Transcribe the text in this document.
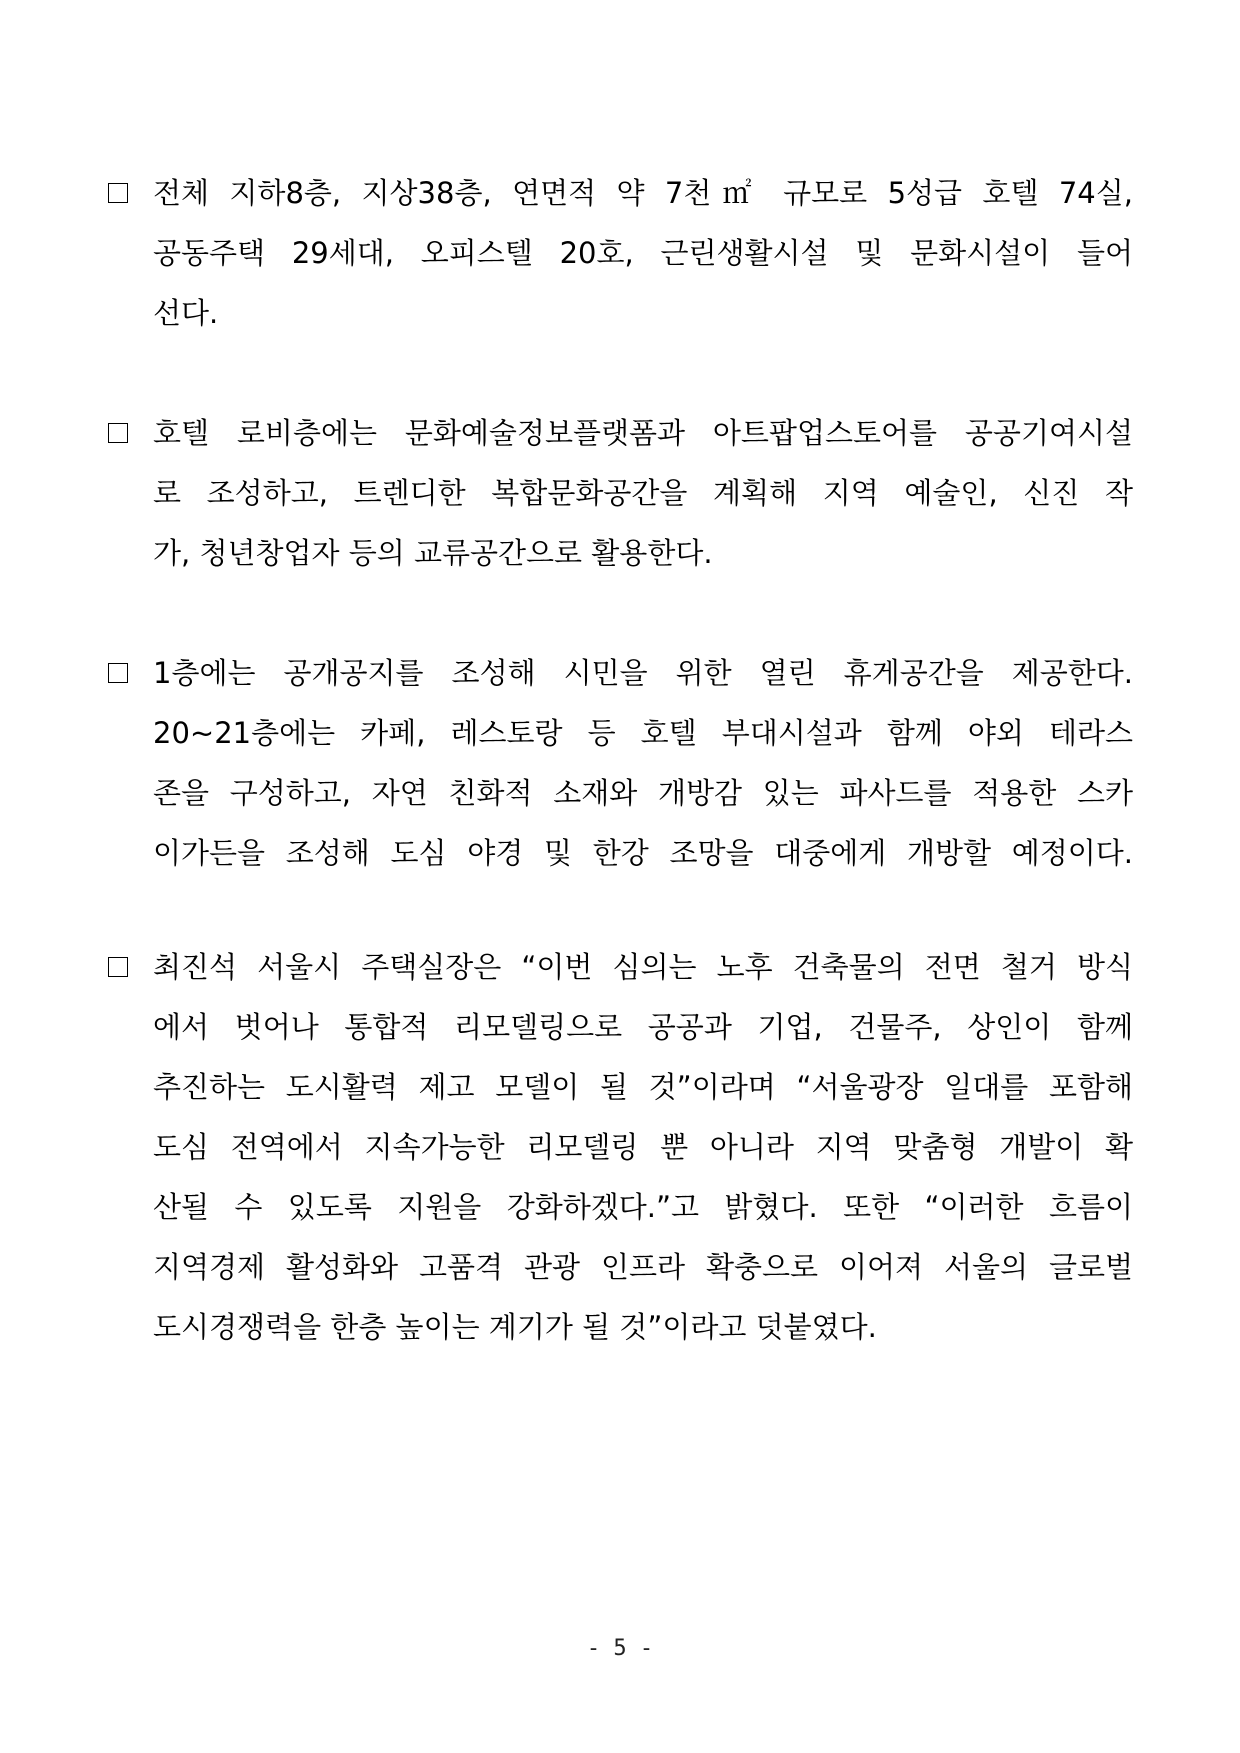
전체 지하8층, 지상38층, 연면적 약 7천㎡ 규모로 5성급 호텔 74실,
공동주택 29세대, 오피스텔 20호, 근린생활시설 및 문화시설이 들어
선다.
호텔 로비층에는 문화예술정보플랫폼과 아트팝업스토어를 공공기여시설
로 조성하고, 트렌디한 복합문화공간을 계획해 지역 예술인, 신진 작
가, 청년창업자 등의 교류공간으로 활용한다.
1층에는 공개공지를 조성해 시민을 위한 열린 휴게공간을 제공한다.
20~21층에는 카페, 레스토랑 등 호텔 부대시설과 함께 야외 테라스
존을 구성하고, 자연 친화적 소재와 개방감 있는 파사드를 적용한 스카
이가든을 조성해 도심 야경 및 한강 조망을 대중에게 개방할 예정이다.
최진석 서울시 주택실장은 “이번 심의는 노후 건축물의 전면 철거 방식
에서 벗어나 통합적 리모델링으로 공공과 기업, 건물주, 상인이 함께
추진하는 도시활력 제고 모델이 될 것”이라며 “서울광장 일대를 포함해
도심 전역에서 지속가능한 리모델링 뿐 아니라 지역 맞춤형 개발이 확
산될 수 있도록 지원을 강화하겠다.”고 밝혔다. 또한 “이러한 흐름이
지역경제 활성화와 고품격 관광 인프라 확충으로 이어져 서울의 글로벌
도시경쟁력을 한층 높이는 계기가 될 것”이라고 덧붙였다.
- 5 -
